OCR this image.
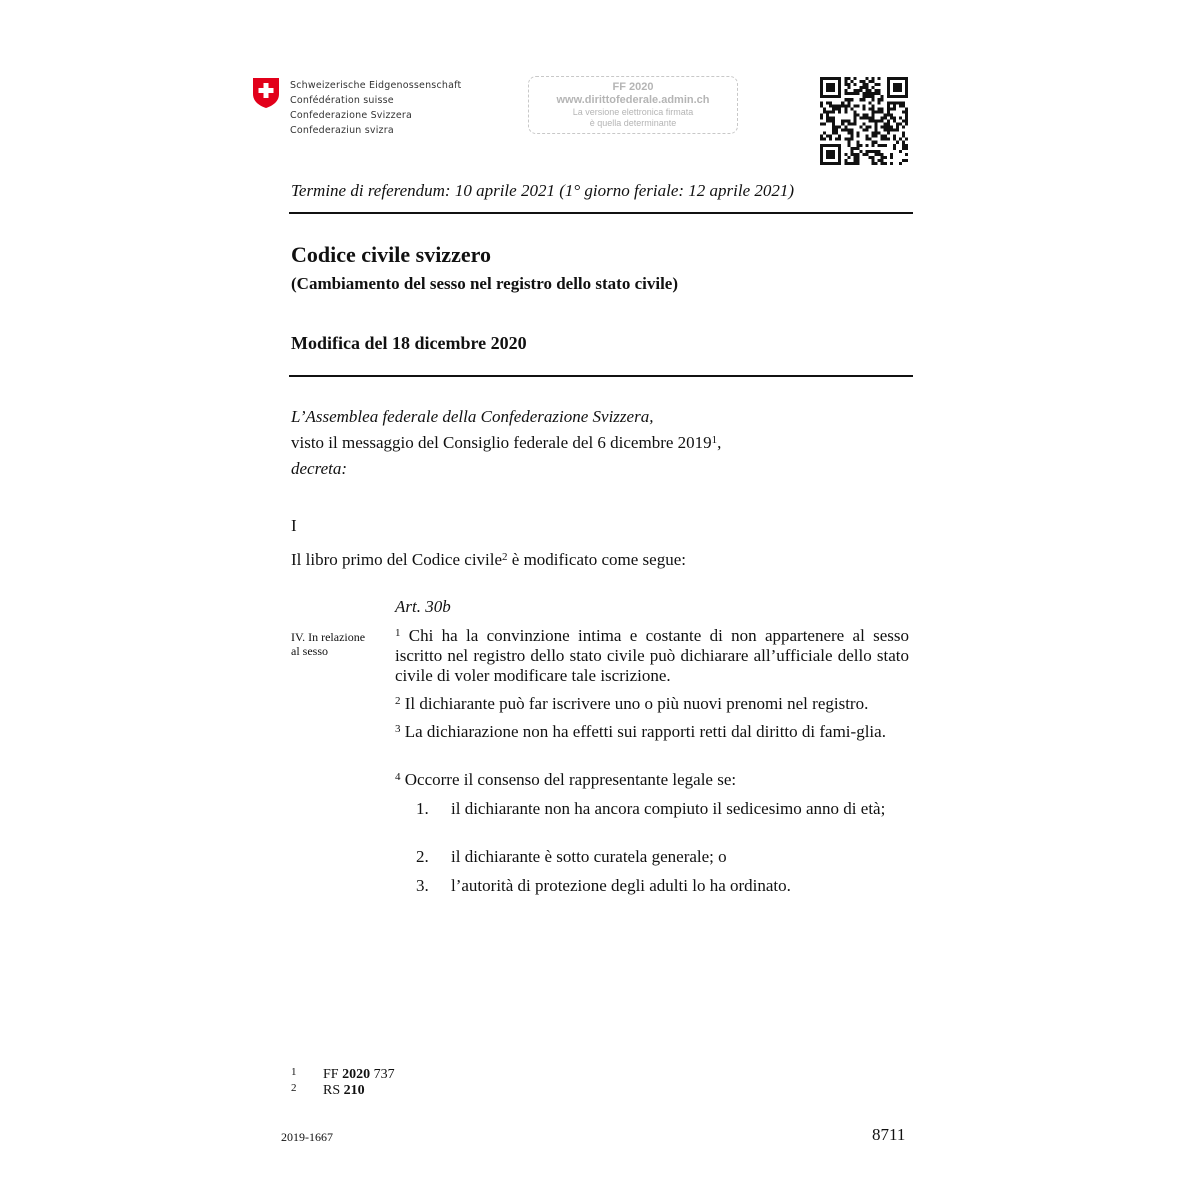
Schweizerische Eidgenossenschaft
Confédération suisse
Confederazione Svizzera
Confederaziun svizra
FF 2020
www.dirittofederale.admin.ch
La versione elettronica firmata
è quella determinante
Termine di referendum: 10 aprile 2021 (1° giorno feriale: 12 aprile 2021)
Codice civile svizzero
(Cambiamento del sesso nel registro dello stato civile)
Modifica del 18 dicembre 2020
L’Assemblea federale della Confederazione Svizzera,
visto il messaggio del Consiglio federale del 6 dicembre 2019$^1$,
decreta:
I
Il libro primo del Codice civile$^2$ è modificato come segue:
Art. 30b
IV. In relazione
al sesso
$^1$ Chi ha la convinzione intima e costante di non appartenere al sesso iscritto nel registro dello stato civile può dichiarare all’ufficiale dello stato civile di voler modificare tale iscrizione.
$^2$ Il dichiarante può far iscrivere uno o più nuovi prenomi nel registro.
$^3$ La dichiarazione non ha effetti sui rapporti retti dal diritto di fami-glia.
$^4$ Occorre il consenso del rappresentante legale se:
1.	il dichiarante non ha ancora compiuto il sedicesimo anno di età;
2.	il dichiarante è sotto curatela generale; o
3.	l’autorità di protezione degli adulti lo ha ordinato.
1 FF 2020 737
2 RS 210
2019-1667	8711
